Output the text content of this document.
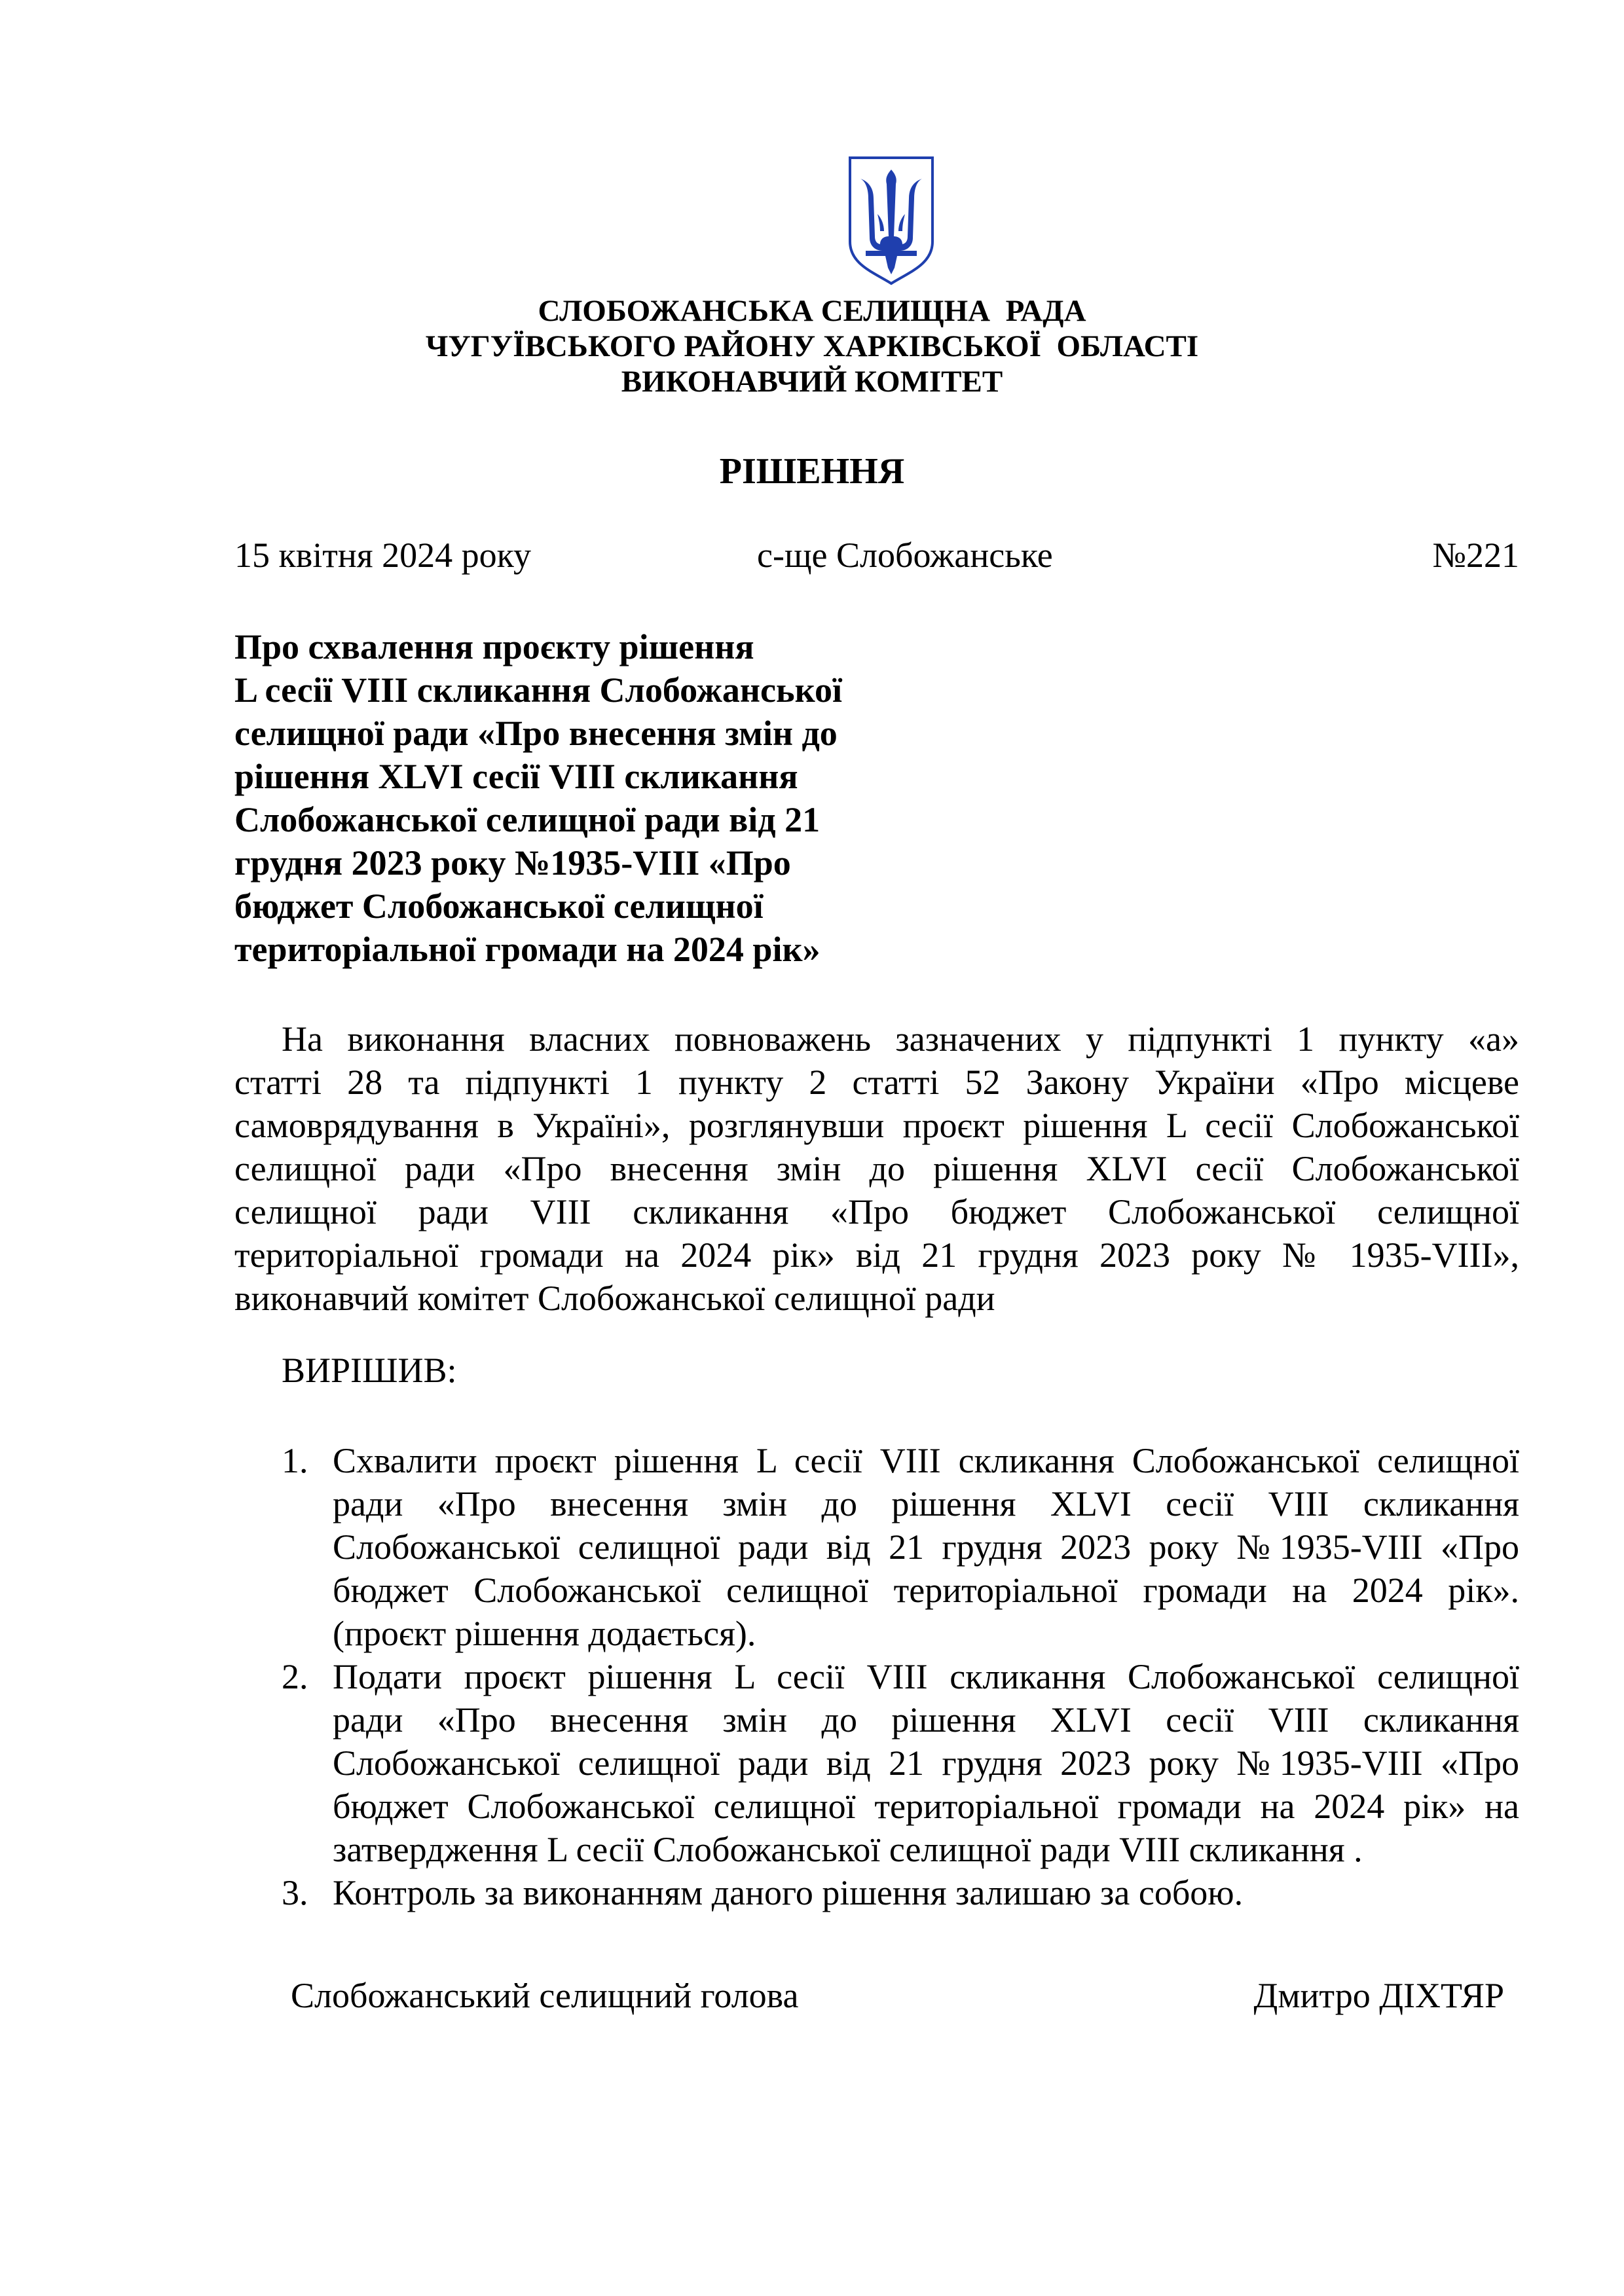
СЛОБОЖАНСЬКА СЕЛИЩНА  РАДА
ЧУГУЇВСЬКОГО РАЙОНУ ХАРКІВСЬКОЇ  ОБЛАСТІ
ВИКОНАВЧИЙ КОМІТЕТ
РІШЕННЯ
15 квітня 2024 року	с-ще Слобожанське	№221
Про схвалення проєкту рішення
L сесії VIII скликання Слобожанської
селищної ради «Про внесення змін до
рішення XLVI сесії VIII скликання
Слобожанської селищної ради від 21
грудня 2023 року №1935-VIII «Про
бюджет Слобожанської селищної
територіальної громади на 2024 рік»
На виконання власних повноважень зазначених у підпункті 1 пункту «а»
статті 28 та підпункті 1 пункту 2 статті 52 Закону України «Про місцеве
самоврядування в Україні», розглянувши проєкт рішення L сесії Слобожанської
селищної ради «Про внесення змін до рішення XLVI сесії Слобожанської
селищної ради VIII скликання «Про бюджет Слобожанської селищної
територіальної громади на 2024 рік» від 21 грудня 2023 року № 1935-VIII»,
виконавчий комітет Слобожанської селищної ради
ВИРІШИВ:
1. Схвалити проєкт рішення L сесії VIII скликання Слобожанської селищної
ради «Про внесення змін до рішення XLVI сесії VIII скликання
Слобожанської селищної ради від 21 грудня 2023 року №1935-VIII «Про
бюджет Слобожанської селищної територіальної громади на 2024 рік».
(проєкт рішення додається).
2. Подати проєкт рішення L сесії VIII скликання Слобожанської селищної
ради «Про внесення змін до рішення XLVI сесії VIII скликання
Слобожанської селищної ради від 21 грудня 2023 року №1935-VIII «Про
бюджет Слобожанської селищної територіальної громади на 2024 рік» на
затвердження L сесії Слобожанської селищної ради VIII скликання .
3. Контроль за виконанням даного рішення залишаю за собою.
Слобожанський селищний голова	Дмитро ДІХТЯР
